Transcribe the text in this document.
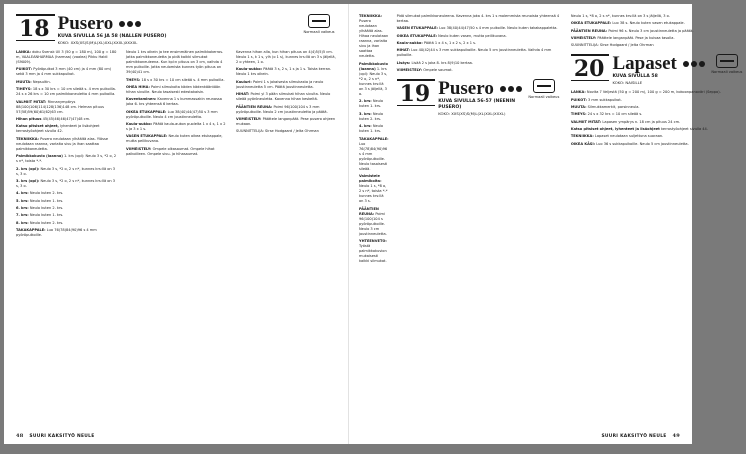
18 Pusero
KUVA SIVULLA 56 JA 58 (NALLEN PUSERO)
KOKO: XXS(XS)S(M)L(XL)XXL(XXXL)XXXXL
Normaali vaikeus

LANKA: doku Svensk Ull 3 (50 g = 180 m), 100 g = 180 m, VAALEANHARMAA (harmaa) (vaalea) Pikku Haldi (S9009).

PUIKOT: Pyöröpuikot 3 mm (40 cm) ja 4 mm (80 cm) sekä 3 mm ja 4 mm sukkapuikot.

MUUTA: Nepsultin.

TIHEYS: 18 s x 30 krs = 10 cm sileää s. 4 mm puikoilla. 24 s x 26 krs = 10 cm palmikkoneuletta 4 mm puikoilla.

VALMIIT MITAT: Rinnanympärys 88(100)106(114)128(136)148 cm. Helman pituus 57(58)59(60)61(62)63 cm.

Hihan pituus 45(45)46(46)47(47)48 cm.

Katso pitsiset ohjeet, lyhenteet ja lisäohjeet kerrostyöohjeet sivulla 42.

TEKNIIKKA: Pusero neulotaan ylhäältä alas. Ylösse neulotaan raanna, varlaita sivu ja ihan saattaa palmikkoneuletta.

Palmikkokuvio (laanna) 1. krs (opl): Neulo 3 s, *2 o, 2 s n*, toista *-*.

2. krs (opl): Neulo 3 s, *2 o, 2 s n*, kunnes krs:llä on 3 s, 3 o.

3. krs (opl): Neulo 3 s, *2 o, 2 s n*, kunnes krs:llä on 3 s, 3 o.

4. krs: Neulo kuten 2. krs.

5. krs: Neulo kuten 1. krs.

6. krs: Neulo kuten 2. krs.

7. krs: Neulo kuten 1. krs.

8. krs: Neulo kuten 2. krs.

TAKAKAPPALE: Luo 76(78)84(90)96 s 4 mm pyöröpuikoille.

Neulo 1 krs oikein ja tee ensimmäinen palmikkokerros. Jatka palmikkoneuletta ja pidä kaikki silmukat palmikkoneuleena. Kun kpl:n pituus on 3 cm, vaihda 4 mm puikoille. Jatka neulomista kunnes työn pituus on 39(40)41 cm.

THEYS: 18 s x 30 krs = 10 cm sileää s. 4 mm puikoilla.

OHEA HIHA: Poimi silmukoita käden kädenkääntöön hihan sivuille. Neulo tasaisesti edestakaisin.

Kaventaminen: Kavenna 1 s kummassakin reunassa joka 6. krs yhteensä 6 kertaa.

OIKEA ETUKAPPALE: Luo 38(40)44(47)50 s 3 mm pyöröpuikoille. Neulo 4 cm joustinneuletta.

Kaula-aukko: Päätä kaula-aukon puolelta 1 x 4 s, 1 x 2 s ja 3 x 1 s.

VASEN ETUKAPPALE: Neulo kuten oikea etukappale, mutta peilikuvana.

VIIMEISTELY: Ompele olkasaumat. Ompele hihat paikoilleen. Ompele sivu- ja hihasaumat.

Kavenna hihan alla, kun hihan pituus on 4(4)5(5)5 cm. Neulo 1 s, k 1 s, ylh (o 1 s), kunnes krs:llä on 3 s jäljellä, 2 o yhteen, 1 o.

Kaula-aukko: Päätä 3 s, 2 s, 1 s ja 1 s. Toista kerran. Neulo 1 krs oikein.

Kauluri: Poimi 1 s jokaisesta silmukasta ja neulo joustinneuletta 5 cm. Päätä joustinneuletta.

HIHAT: Poimi yl 3 pään silmukat hihan sivulta. Neulo sileää pyöröneuletta. Kavenna hihan keskeltä.

PÄÄNTIEN REUNA: Poimi 96(100)104 s 3 mm pyöröpuikoille. Neulo 2 cm joustinneuletta ja päätä.

VIIMEISTELY: Päättele langanpäät. Pese pusero ohjeen mukaan.

SUUNNITTELIJA: Sirse Hodgaard / Jelta Ohrman

48 SUURI KAKSITYÖ NEULE

TEKNIIKKA: Pusero neulotaan ylhäältä alas. Hihaa neulotaan raanna, varlaita sivu ja ihan saattaa neuletta.

Palmikkokuvio (laanna) 1. krs (opl): Neulo 3 s, *2 o, 2 s n*, kunnes krs:llä on 3 s jäljellä, 3 o.

2. krs: Neulo kuten 1. krs.

3. krs: Neulo kuten 2. krs.

4. krs: Neulo kuten 1. krs.

TAKAKAPPALE: Luo 76(78)84(90)96 s 4 mm pyöröpuikoille. Neulo tasaisesti sileää.

Valmistele palmikoita: Neulo 1 s, *8 o, 2 s n*, toista *-* kunnes krs:llä on 3 s.

PÄÄNTIEN REUNA: Poimi 96(100)104 s pyöröpuikoille. Neulo 3 cm joustinneuletta.

YHTEENVETO: Työstä palmikkokuvion mukaisesti kaikki silmukat.

Pidä silmukat palmikkoneuleena. Kavenna joka 4. krs 1 s molemmista reunoista yhteensä 4 kertaa.

VASEN ETUKAPPALE: Luo 38(40)44(47)50 s 4 mm puikoille. Neulo kuten takakappaletta.

OIKEA ETUKAPPALE: Neulo kuten vasen, mutta peilikuvana.

Kaula-aukko: Päätä 1 x 4 s, 1 x 2 s, 2 x 1 s.

HIHAT: Luo 40(42)44 s 3 mm sukkapuikoille. Neulo 5 cm joustinneuletta. Vaihda 4 mm puikoille.

Lisäys: Lisää 2 s joka 8. krs 8(9)10 kertaa.

VIIMEISTELY: Ompele saumat.

19 Pusero
KUVA SIVULLA 56-57 (NEENIN PUSERO)
KOKO: XXS(XS)S(M)L(XL)XXL(XXXL)
Normaali vaikeus

Neulo 1 s, *8 o, 2 s n*, kunnes krs:llä on 3 s jäljellä, 3 o.

OIKEA ETUKAPPALE: Luo 38 s. Neulo kuten vasen etukappale.

PÄÄNTIEN REUNA: Poimi 96 s. Neulo 3 cm joustinneuletta ja päätä.

VIIMEISTELY: Päättele langanpäät. Pese ja kuivaa tasolla.

SUUNNITTELIJA: Sirse Hodgaard / Jelta Ohrman

20 Lapaset
KUVA SIVULLA 58
KOKO: NAISILLE
Normaali vaikeus

LANKA: Novita 7 Veljestä (50 g = 200 m), 100 g = 200 m, kokoonpanoväri (Seppo).

PUIKOT: 3 mm sukkapuikot.

MUUTA: Silmukkamerkit, parsinneula.

TIHEYS: 24 s x 32 krs = 10 cm sileää s.

VALMIIT MITAT: Lapasen ympärys n. 18 cm ja pituus 24 cm.

Katso pitsiset ohjeet, lyhenteet ja lisäohjeet kerrostyöohjeet sivulla 44.

TEKNIIKKA: Lapaset neulotaan suljettuna suoraan.

OIKEA KÄSI: Luo 36 s sukkapuikoille. Neulo 5 cm joustinneuletta.

SUURI KAKSITYÖ NEULE 49
